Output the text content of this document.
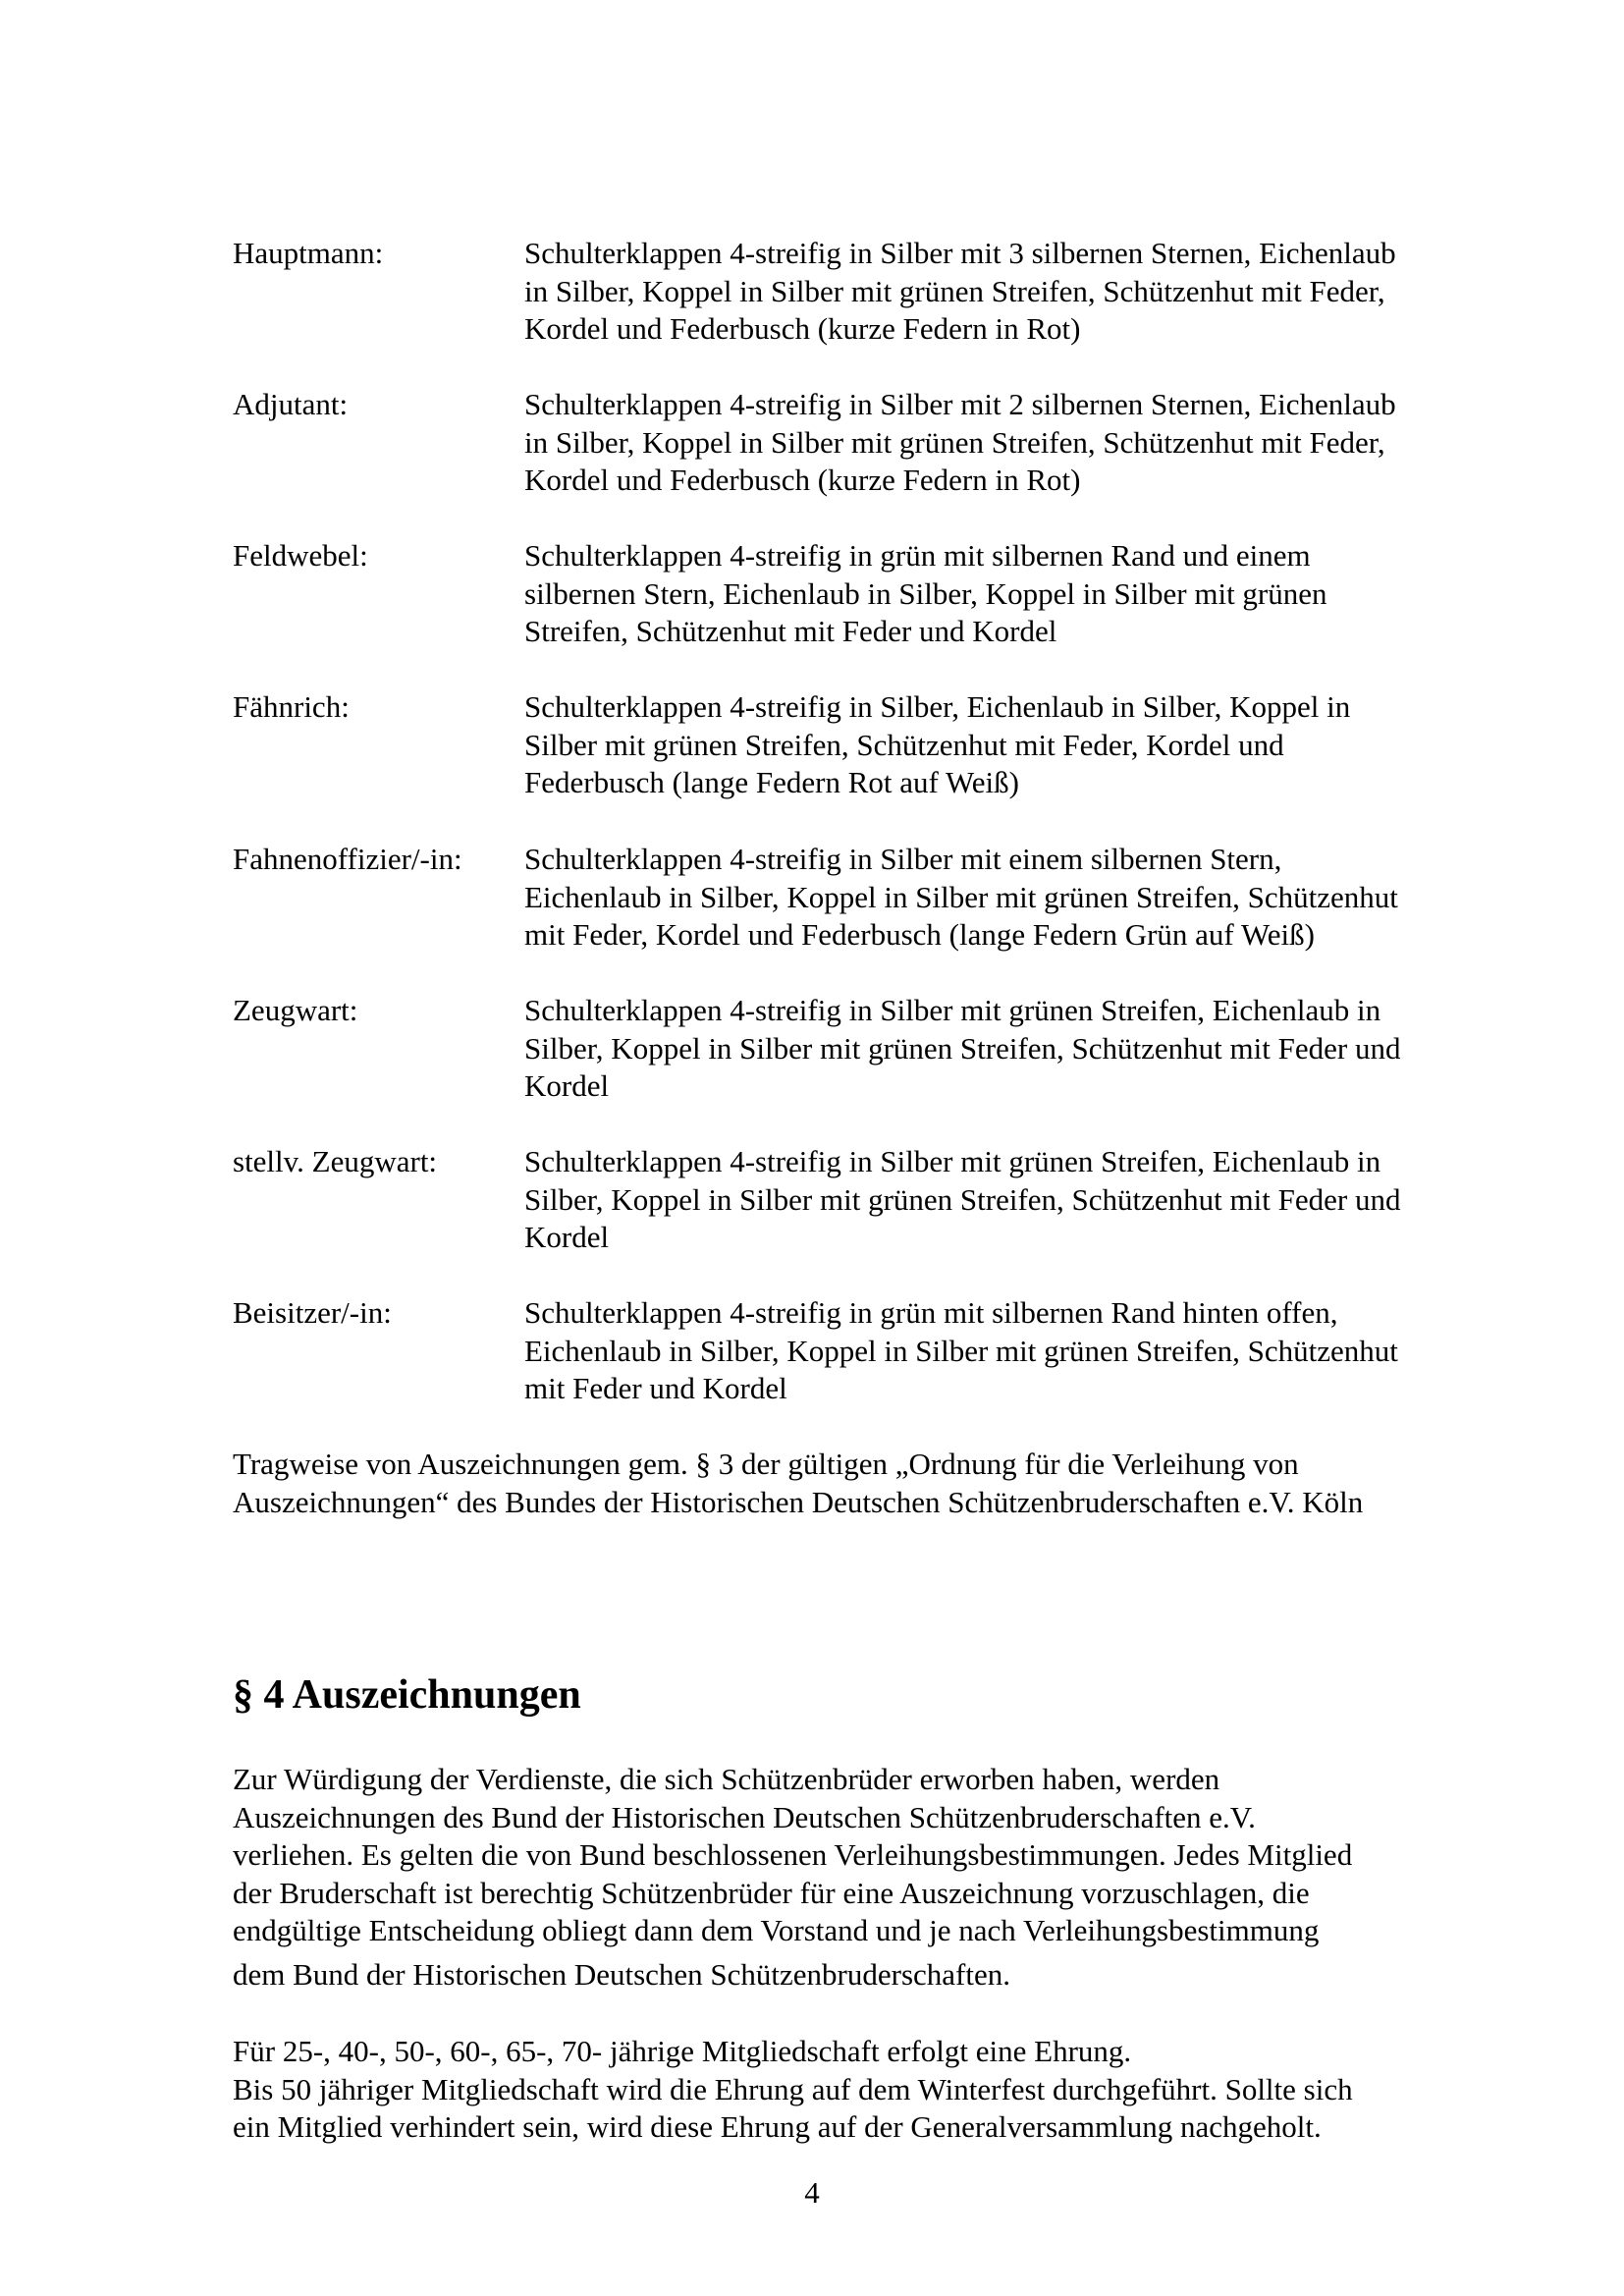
Hauptmann:	Schulterklappen 4-streifig in Silber mit 3 silbernen Sternen, Eichenlaub
in Silber, Koppel in Silber mit grünen Streifen, Schützenhut mit Feder,
Kordel und Federbusch (kurze Federn in Rot)
Adjutant:	Schulterklappen 4-streifig in Silber mit 2 silbernen Sternen, Eichenlaub
in Silber, Koppel in Silber mit grünen Streifen, Schützenhut mit Feder,
Kordel und Federbusch (kurze Federn in Rot)
Feldwebel:	Schulterklappen 4-streifig in grün mit silbernen Rand und einem
silbernen Stern, Eichenlaub in Silber, Koppel in Silber mit grünen
Streifen, Schützenhut mit Feder und Kordel
Fähnrich:	Schulterklappen 4-streifig in Silber, Eichenlaub in Silber, Koppel in
Silber mit grünen Streifen, Schützenhut mit Feder, Kordel und
Federbusch (lange Federn Rot auf Weiß)
Fahnenoffizier/-in: Schulterklappen 4-streifig in Silber mit einem silbernen Stern,
Eichenlaub in Silber, Koppel in Silber mit grünen Streifen, Schützenhut
mit Feder, Kordel und Federbusch (lange Federn Grün auf Weiß)
Zeugwart:	Schulterklappen 4-streifig in Silber mit grünen Streifen, Eichenlaub in
Silber, Koppel in Silber mit grünen Streifen, Schützenhut mit Feder und
Kordel
stellv. Zeugwart:	Schulterklappen 4-streifig in Silber mit grünen Streifen, Eichenlaub in
Silber, Koppel in Silber mit grünen Streifen, Schützenhut mit Feder und
Kordel
Beisitzer/-in:	Schulterklappen 4-streifig in grün mit silbernen Rand hinten offen,
Eichenlaub in Silber, Koppel in Silber mit grünen Streifen, Schützenhut
mit Feder und Kordel
Tragweise von Auszeichnungen gem. § 3 der gültigen „Ordnung für die Verleihung von
Auszeichnungen“ des Bundes der Historischen Deutschen Schützenbruderschaften e.V. Köln
§ 4 Auszeichnungen
Zur Würdigung der Verdienste, die sich Schützenbrüder erworben haben, werden
Auszeichnungen des Bund der Historischen Deutschen Schützenbruderschaften e.V.
verliehen. Es gelten die von Bund beschlossenen Verleihungsbestimmungen. Jedes Mitglied
der Bruderschaft ist berechtig Schützenbrüder für eine Auszeichnung vorzuschlagen, die
endgültige Entscheidung obliegt dann dem Vorstand und je nach Verleihungsbestimmung
dem Bund der Historischen Deutschen Schützenbruderschaften.
Für 25-, 40-, 50-, 60-, 65-, 70- jährige Mitgliedschaft erfolgt eine Ehrung.
Bis 50 jähriger Mitgliedschaft wird die Ehrung auf dem Winterfest durchgeführt. Sollte sich
ein Mitglied verhindert sein, wird diese Ehrung auf der Generalversammlung nachgeholt.
4
